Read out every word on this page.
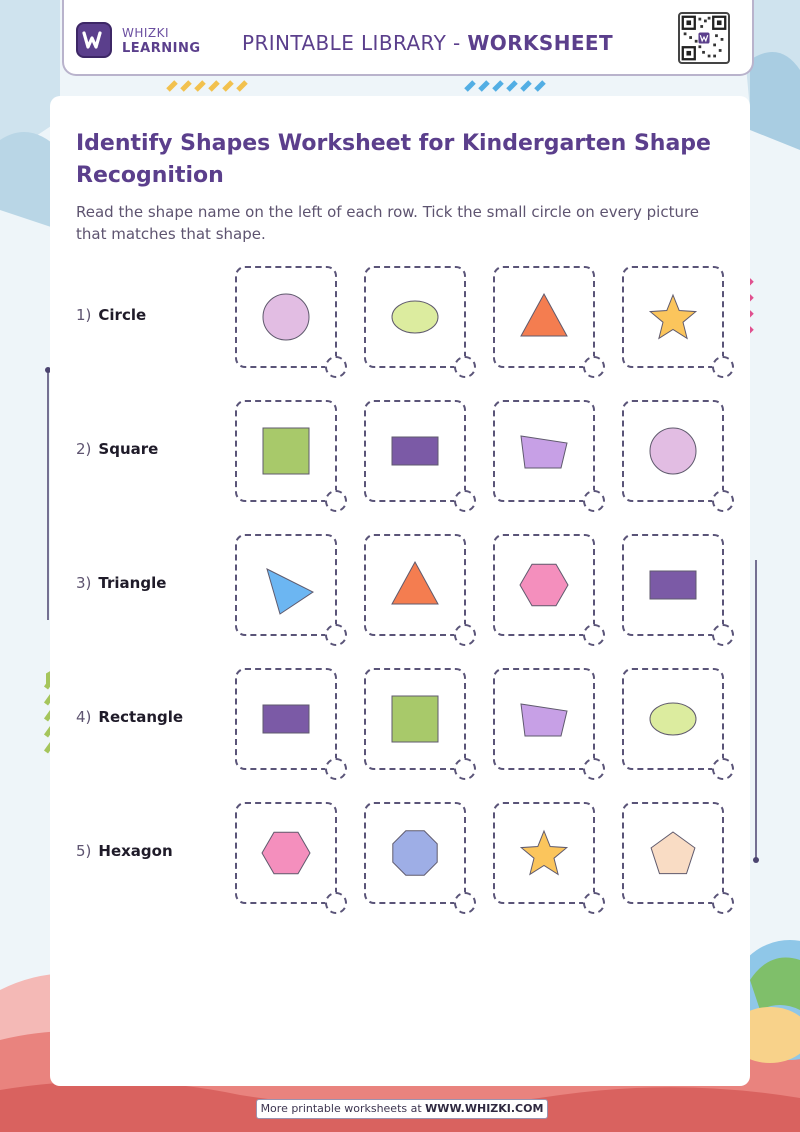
WHIZKI
LEARNING PRINTABLE LIBRARY - WORKSHEET
Identify Shapes Worksheet for Kindergarten Shape Recognition
Read the shape name on the left of each row. Tick the small circle on every picture that matches that shape.
1) Circle
2) Square
3) Triangle
4) Rectangle
5) Hexagon
More printable worksheets at WWW.WHIZKI.COM
